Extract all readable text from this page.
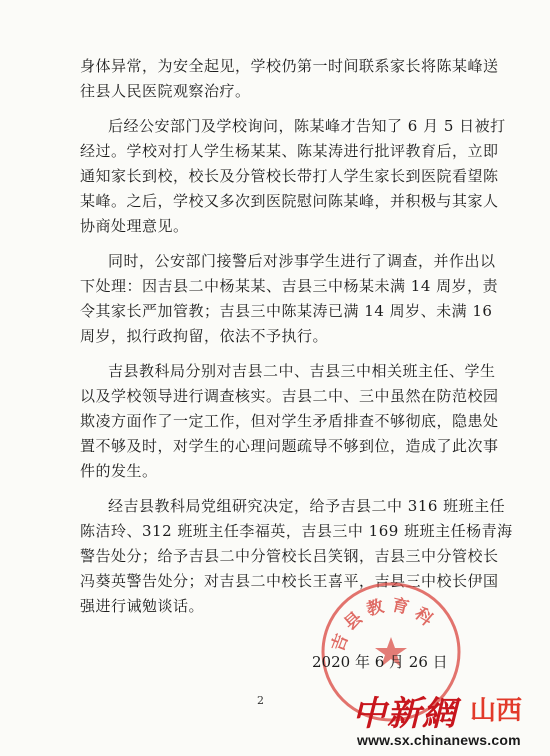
身体异常，为安全起见，学校仍第一时间联系家长将陈某峰送
往县人民医院观察治疗。
后经公安部门及学校询问，陈某峰才告知了 6 月 5 日被打
经过。学校对打人学生杨某某、陈某涛进行批评教育后，立即
通知家长到校，校长及分管校长带打人学生家长到医院看望陈
某峰。之后，学校又多次到医院慰问陈某峰，并积极与其家人
协商处理意见。
同时，公安部门接警后对涉事学生进行了调查，并作出以
下处理：因吉县二中杨某某、吉县三中杨某未满 14 周岁，责
令其家长严加管教；吉县三中陈某涛已满 14 周岁、未满 16
周岁，拟行政拘留，依法不予执行。
吉县教科局分别对吉县二中、吉县三中相关班主任、学生
以及学校领导进行调查核实。吉县二中、三中虽然在防范校园
欺凌方面作了一定工作，但对学生矛盾排查不够彻底，隐患处
置不够及时，对学生的心理问题疏导不够到位，造成了此次事
件的发生。
经吉县教科局党组研究决定，给予吉县二中 316 班班主任
陈洁玲、312 班班主任李福英，吉县三中 169 班班主任杨青海
警告处分；给予吉县二中分管校长吕笑钢，吉县三中分管校长
冯葵英警告处分；对吉县二中校长王喜平，吉县三中校长伊国
强进行诫勉谈话。
吉县教育科
2020 年 6 月 26 日
2	中新網 山西
www.sx.chinanews.com
